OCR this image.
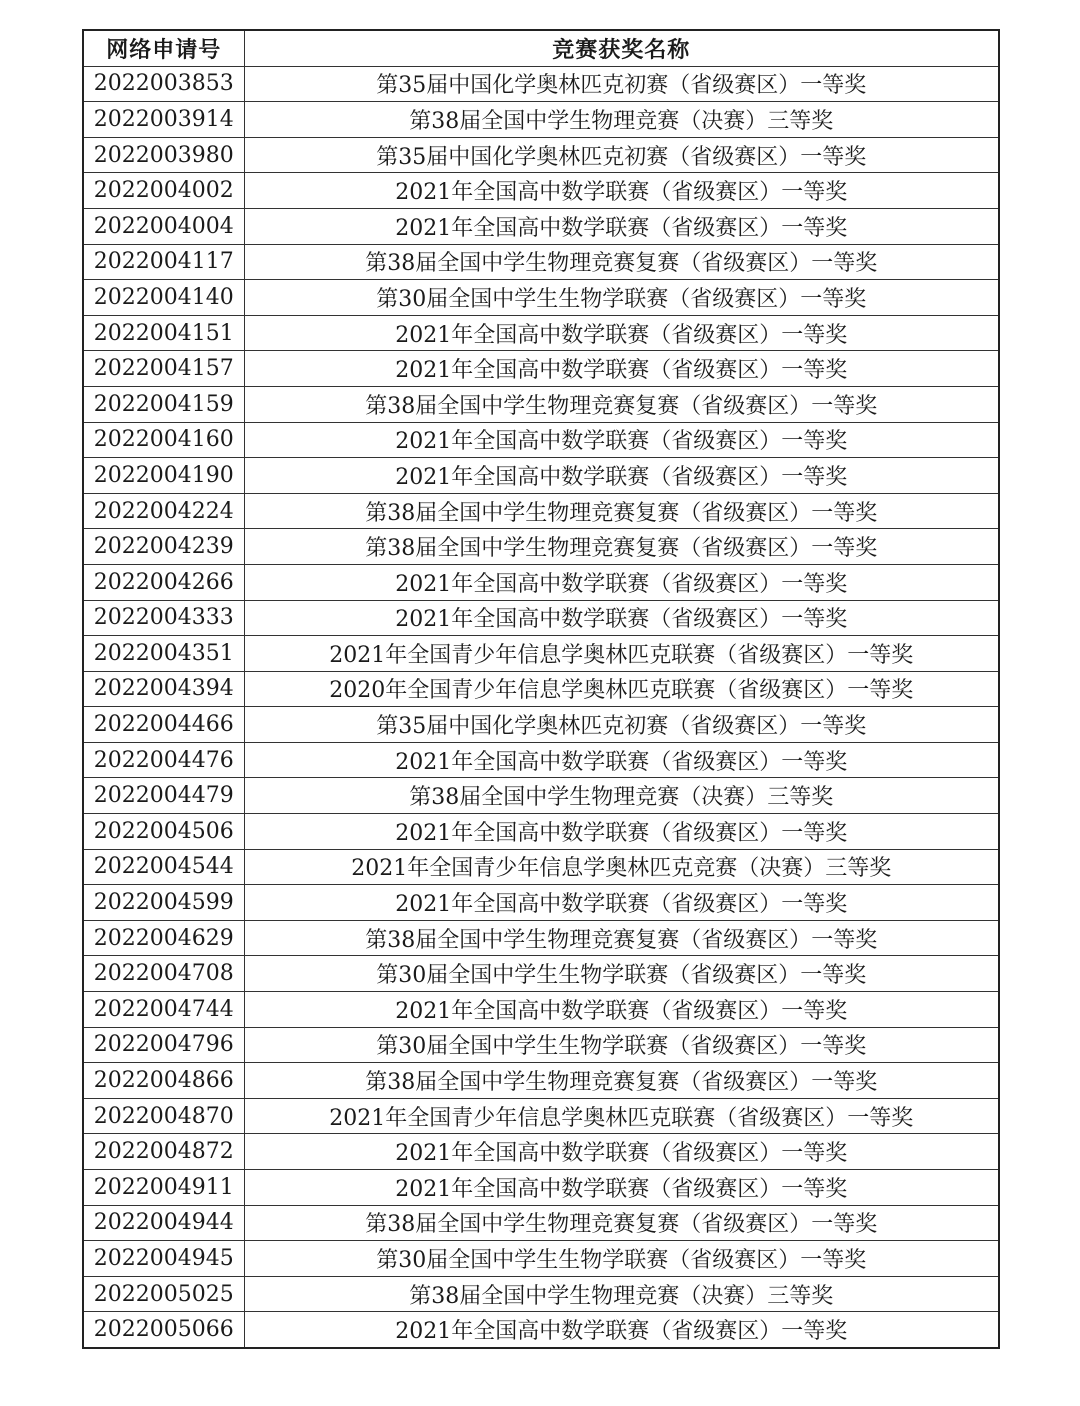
网络申请号	竞赛获奖名称
2022003853	第35届中国化学奥林匹克初赛（省级赛区）一等奖
2022003914	第38届全国中学生物理竞赛（决赛）三等奖
2022003980	第35届中国化学奥林匹克初赛（省级赛区）一等奖
2022004002	2021年全国高中数学联赛（省级赛区）一等奖
2022004004	2021年全国高中数学联赛（省级赛区）一等奖
2022004117	第38届全国中学生物理竞赛复赛（省级赛区）一等奖
2022004140	第30届全国中学生生物学联赛（省级赛区）一等奖
2022004151	2021年全国高中数学联赛（省级赛区）一等奖
2022004157	2021年全国高中数学联赛（省级赛区）一等奖
2022004159	第38届全国中学生物理竞赛复赛（省级赛区）一等奖
2022004160	2021年全国高中数学联赛（省级赛区）一等奖
2022004190	2021年全国高中数学联赛（省级赛区）一等奖
2022004224	第38届全国中学生物理竞赛复赛（省级赛区）一等奖
2022004239	第38届全国中学生物理竞赛复赛（省级赛区）一等奖
2022004266	2021年全国高中数学联赛（省级赛区）一等奖
2022004333	2021年全国高中数学联赛（省级赛区）一等奖
2022004351	2021年全国青少年信息学奥林匹克联赛（省级赛区）一等奖
2022004394	2020年全国青少年信息学奥林匹克联赛（省级赛区）一等奖
2022004466	第35届中国化学奥林匹克初赛（省级赛区）一等奖
2022004476	2021年全国高中数学联赛（省级赛区）一等奖
2022004479	第38届全国中学生物理竞赛（决赛）三等奖
2022004506	2021年全国高中数学联赛（省级赛区）一等奖
2022004544	2021年全国青少年信息学奥林匹克竞赛（决赛）三等奖
2022004599	2021年全国高中数学联赛（省级赛区）一等奖
2022004629	第38届全国中学生物理竞赛复赛（省级赛区）一等奖
2022004708	第30届全国中学生生物学联赛（省级赛区）一等奖
2022004744	2021年全国高中数学联赛（省级赛区）一等奖
2022004796	第30届全国中学生生物学联赛（省级赛区）一等奖
2022004866	第38届全国中学生物理竞赛复赛（省级赛区）一等奖
2022004870	2021年全国青少年信息学奥林匹克联赛（省级赛区）一等奖
2022004872	2021年全国高中数学联赛（省级赛区）一等奖
2022004911	2021年全国高中数学联赛（省级赛区）一等奖
2022004944	第38届全国中学生物理竞赛复赛（省级赛区）一等奖
2022004945	第30届全国中学生生物学联赛（省级赛区）一等奖
2022005025	第38届全国中学生物理竞赛（决赛）三等奖
2022005066	2021年全国高中数学联赛（省级赛区）一等奖
